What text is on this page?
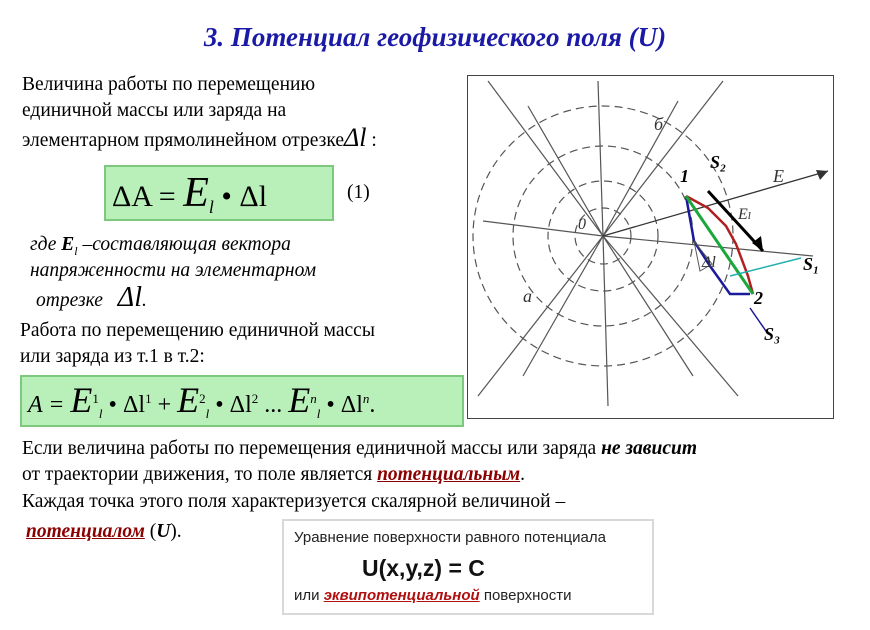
3. Потенциал геофизического поля (U)
Величина работы по перемещению
единичной массы или заряда на
элементарном прямолинейном отрезкеΔl :
$\Delta A = E_l$ • Δl	(1)
где $E_l$ –составляющая вектора
напряженности на элементарном
отрезке Δl.
Работа по перемещению единичной массы
или заряда из т.1 в т.2:
$A = E^1_l$ • $\Delta l^1 + E^2_l$ • $\Delta l^2$ ... $E^n_l$ • $\Delta l^n$.
1
S₂
S₁
2
S₃
б
а
E
Eₗ
Δl
0
Если величина работы по перемещения единичной массы или заряда не зависит
от траектории движения, то поле является потенциальным.
Каждая точка этого поля характеризуется скалярной величиной –
потенциалом (U).	Уравнение поверхности равного потенциала
U(x,y,z) = C
или эквипотенциальной поверхности
